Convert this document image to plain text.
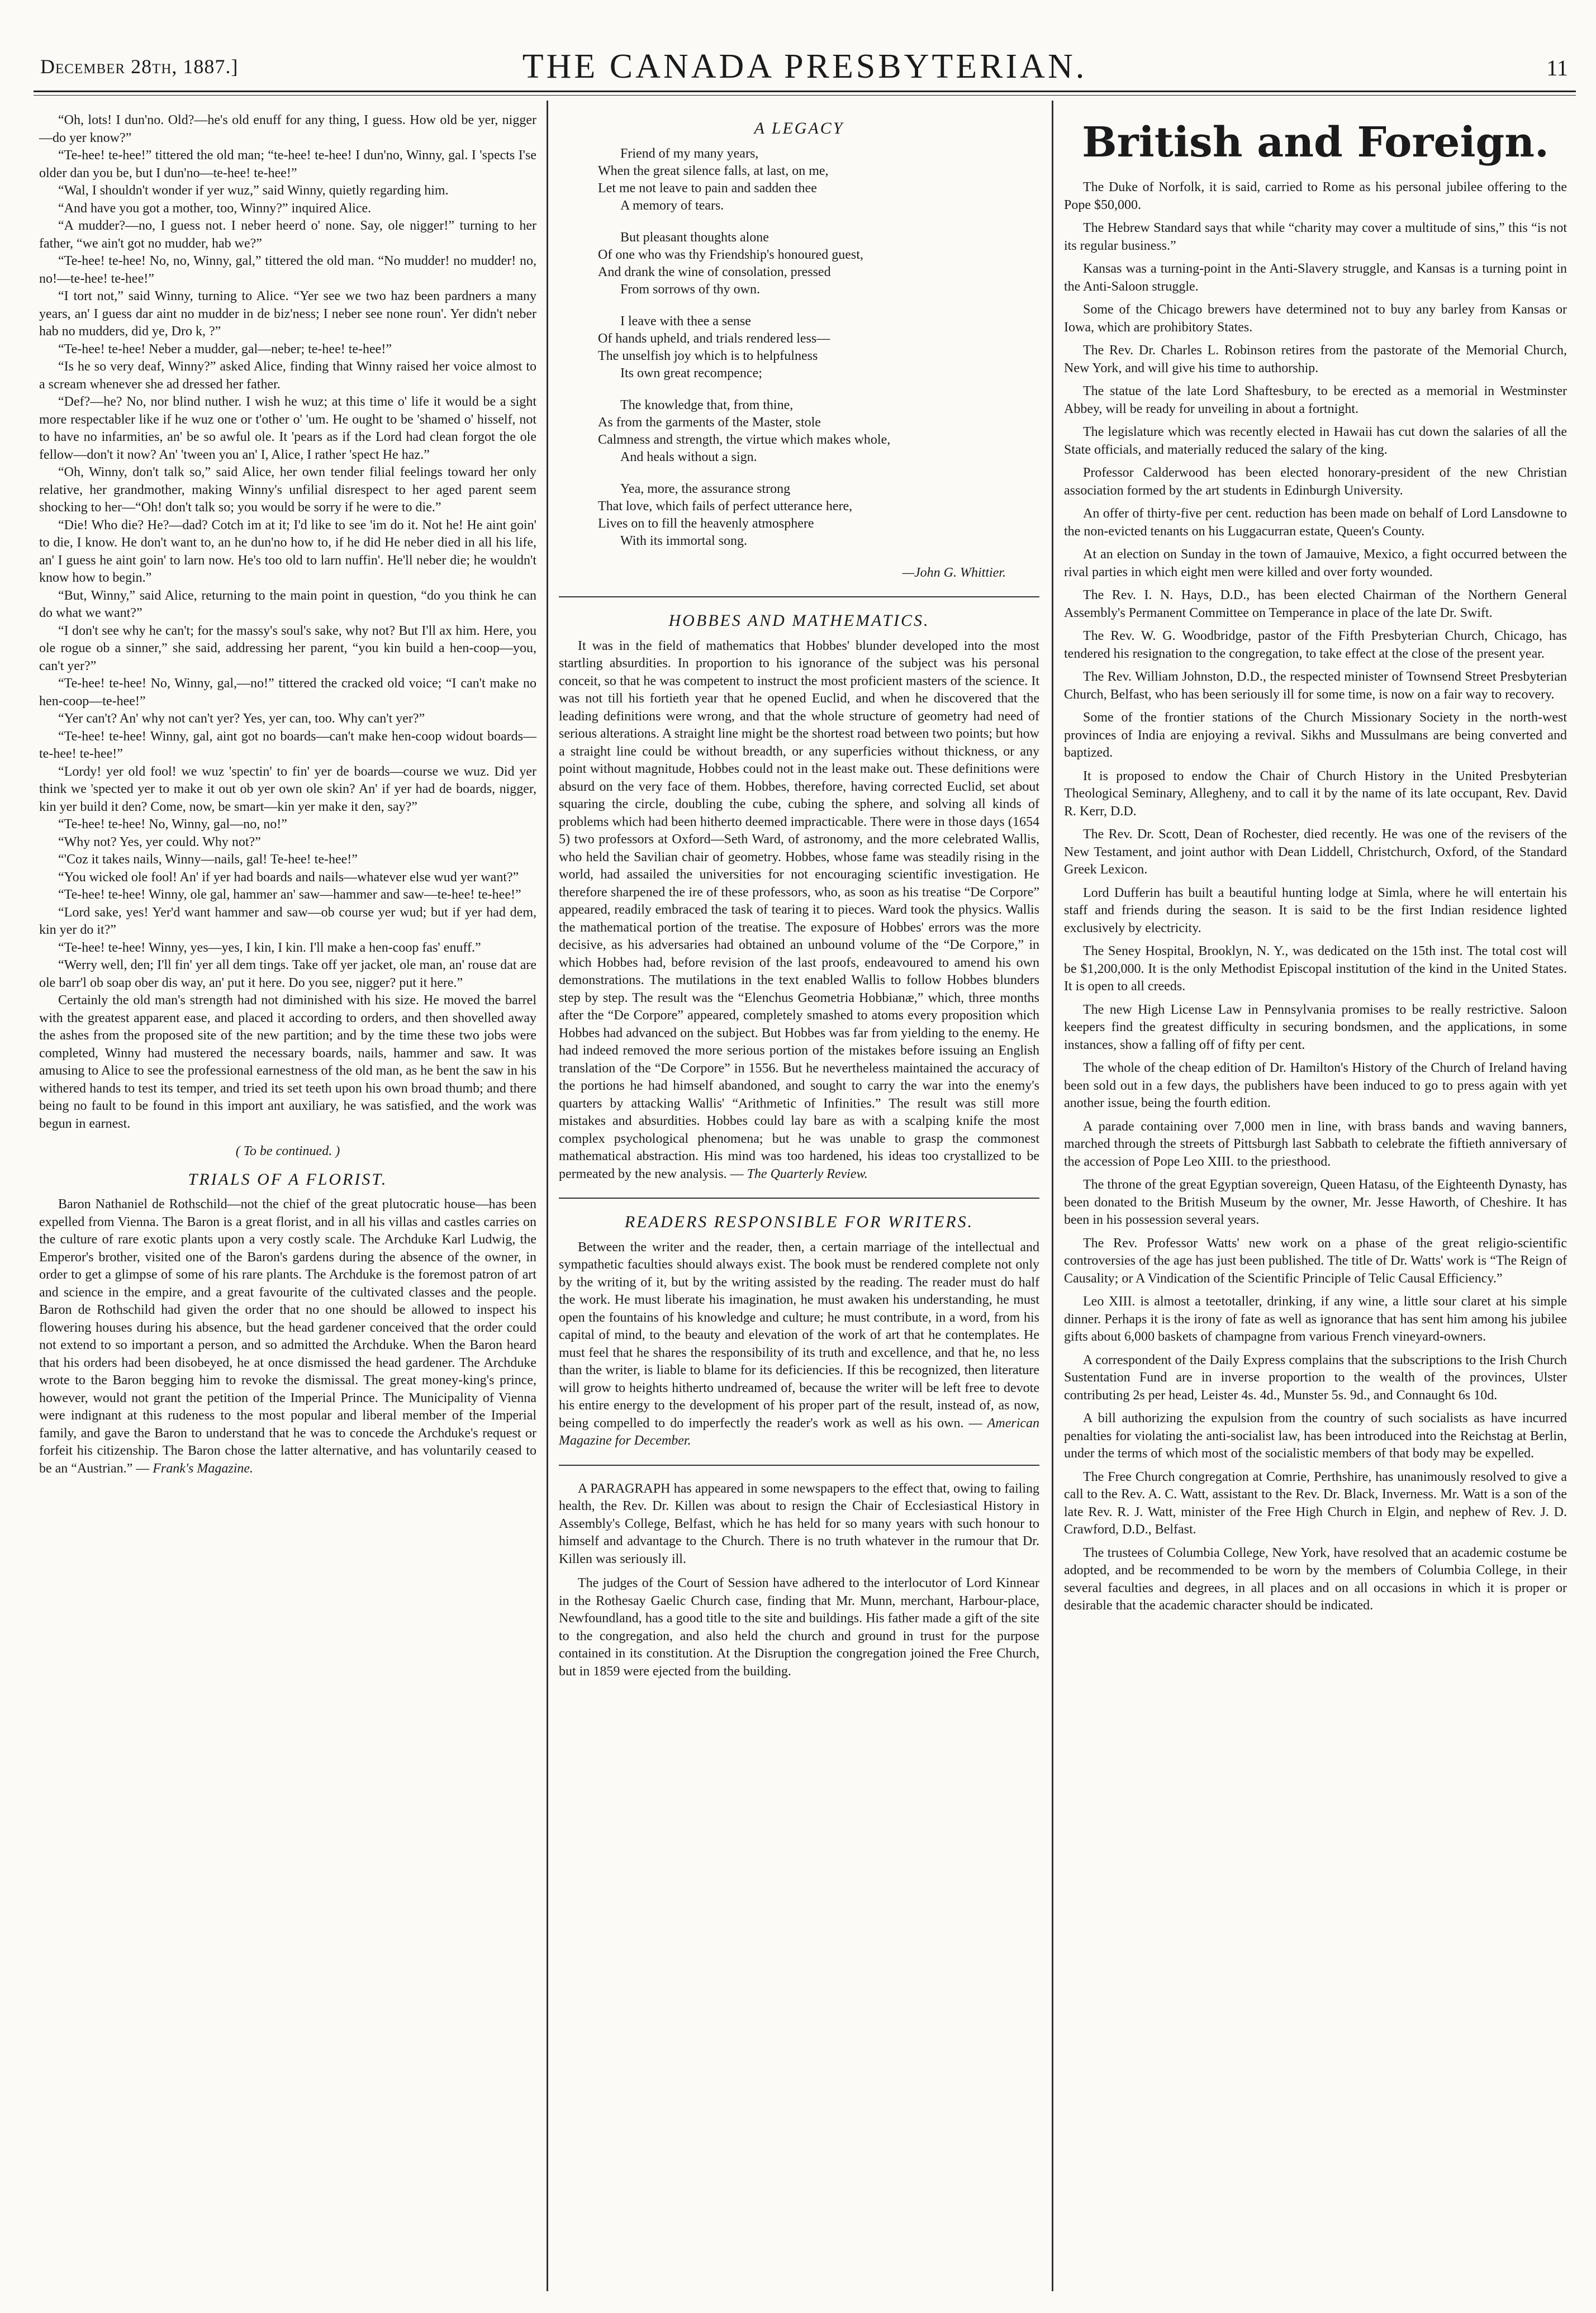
December 28th, 1887.]	THE CANADA PRESBYTERIAN.	11

“Oh, lots! I dun'no. Old?—he's old enuff for any thing, I guess. How old be yer, nigger—do yer know?”

“Te-hee! te-hee!” tittered the old man; “te-hee! te-hee! I dun'no, Winny, gal. I 'spects I'se older dan you be, but I dun'no—te-hee! te-hee!”

“Wal, I shouldn't wonder if yer wuz,” said Winny, quietly regarding him.

“And have you got a mother, too, Winny?” inquired Alice.

“A mudder?—no, I guess not. I neber heerd o' none. Say, ole nigger!” turning to her father, “we ain't got no mudder, hab we?”

“Te-hee! te-hee! No, no, Winny, gal,” tittered the old man. “No mudder! no mudder! no, no!—te-hee! te-hee!”

“I tort not,” said Winny, turning to Alice. “Yer see we two haz been pardners a many years, an' I guess dar aint no mudder in de biz'ness; I neber see none roun'. Yer didn't neber hab no mudders, did ye, Dro k, ?”

“Te-hee! te-hee! Neber a mudder, gal—neber; te-hee! te-hee!”

“Is he so very deaf, Winny?” asked Alice, finding that Winny raised her voice almost to a scream whenever she ad dressed her father.

“Def?—he? No, nor blind nuther. I wish he wuz; at this time o' life it would be a sight more respectabler like if he wuz one or t'other o' 'um. He ought to be 'shamed o' hisself, not to have no infarmities, an' be so awful ole. It 'pears as if the Lord had clean forgot the ole fellow—don't it now? An' 'tween you an' I, Alice, I rather 'spect He haz.”

“Oh, Winny, don't talk so,” said Alice, her own tender filial feelings toward her only relative, her grandmother, making Winny's unfilial disrespect to her aged parent seem shocking to her—“Oh! don't talk so; you would be sorry if he were to die.”

“Die! Who die? He?—dad? Cotch im at it; I'd like to see 'im do it. Not he! He aint goin' to die, I know. He don't want to, an he dun'no how to, if he did He neber died in all his life, an' I guess he aint goin' to larn now. He's too old to larn nuffin'. He'll neber die; he wouldn't know how to begin.”

“But, Winny,” said Alice, returning to the main point in question, “do you think he can do what we want?”

“I don't see why he can't; for the massy's soul's sake, why not? But I'll ax him. Here, you ole rogue ob a sinner,” she said, addressing her parent, “you kin build a hen-coop—you, can't yer?”

“Te-hee! te-hee! No, Winny, gal,—no!” tittered the cracked old voice; “I can't make no hen-coop—te-hee!”

“Yer can't? An' why not can't yer? Yes, yer can, too. Why can't yer?”

“Te-hee! te-hee! Winny, gal, aint got no boards—can't make hen-coop widout boards—te-hee! te-hee!”

“Lordy! yer old fool! we wuz 'spectin' to fin' yer de boards—course we wuz. Did yer think we 'spected yer to make it out ob yer own ole skin? An' if yer had de boards, nigger, kin yer build it den? Come, now, be smart—kin yer make it den, say?”

“Te-hee! te-hee! No, Winny, gal—no, no!”

“Why not? Yes, yer could. Why not?”

“'Coz it takes nails, Winny—nails, gal! Te-hee! te-hee!”

“You wicked ole fool! An' if yer had boards and nails—whatever else wud yer want?”

“Te-hee! te-hee! Winny, ole gal, hammer an' saw—hammer and saw—te-hee! te-hee!”

“Lord sake, yes! Yer'd want hammer and saw—ob course yer wud; but if yer had dem, kin yer do it?”

“Te-hee! te-hee! Winny, yes—yes, I kin, I kin. I'll make a hen-coop fas' enuff.”

“Werry well, den; I'll fin' yer all dem tings. Take off yer jacket, ole man, an' rouse dat are ole barr'l ob soap ober dis way, an' put it here. Do you see, nigger? put it here.”

Certainly the old man's strength had not diminished with his size. He moved the barrel with the greatest apparent ease, and placed it according to orders, and then shovelled away the ashes from the proposed site of the new partition; and by the time these two jobs were completed, Winny had mustered the necessary boards, nails, hammer and saw. It was amusing to Alice to see the professional earnestness of the old man, as he bent the saw in his withered hands to test its temper, and tried its set teeth upon his own broad thumb; and there being no fault to be found in this import ant auxiliary, he was satisfied, and the work was begun in earnest.

( To be continued. )
TRIALS OF A FLORIST.

Baron Nathaniel de Rothschild—not the chief of the great plutocratic house—has been expelled from Vienna. The Baron is a great florist, and in all his villas and castles carries on the culture of rare exotic plants upon a very costly scale. The Archduke Karl Ludwig, the Emperor's brother, visited one of the Baron's gardens during the absence of the owner, in order to get a glimpse of some of his rare plants. The Archduke is the foremost patron of art and science in the empire, and a great favourite of the cultivated classes and the people. Baron de Rothschild had given the order that no one should be allowed to inspect his flowering houses during his absence, but the head gardener conceived that the order could not extend to so important a person, and so admitted the Archduke. When the Baron heard that his orders had been disobeyed, he at once dismissed the head gardener. The Archduke wrote to the Baron begging him to revoke the dismissal. The great money-king's prince, however, would not grant the petition of the Imperial Prince. The Municipality of Vienna were indignant at this rudeness to the most popular and liberal member of the Imperial family, and gave the Baron to understand that he was to concede the Archduke's request or forfeit his citizenship. The Baron chose the latter alternative, and has voluntarily ceased to be an “Austrian.” — Frank's Magazine.

A LEGACY
Friend of my many years,
When the great silence falls, at last, on me,
Let me not leave to pain and sadden thee
A memory of tears.
But pleasant thoughts alone
Of one who was thy Friendship's honoured guest,
And drank the wine of consolation, pressed
From sorrows of thy own.
I leave with thee a sense
Of hands upheld, and trials rendered less—
The unselfish joy which is to helpfulness
Its own great recompence;
The knowledge that, from thine,
As from the garments of the Master, stole
Calmness and strength, the virtue which makes whole,
And heals without a sign.
Yea, more, the assurance strong
That love, which fails of perfect utterance here,
Lives on to fill the heavenly atmosphere
With its immortal song.
—John G. Whittier.
HOBBES AND MATHEMATICS.

It was in the field of mathematics that Hobbes' blunder developed into the most startling absurdities. In proportion to his ignorance of the subject was his personal conceit, so that he was competent to instruct the most proficient masters of the science. It was not till his fortieth year that he opened Euclid, and when he discovered that the leading definitions were wrong, and that the whole structure of geometry had need of serious alterations. A straight line might be the shortest road between two points; but how a straight line could be without breadth, or any superficies without thickness, or any point without magnitude, Hobbes could not in the least make out. These definitions were absurd on the very face of them. Hobbes, therefore, having corrected Euclid, set about squaring the circle, doubling the cube, cubing the sphere, and solving all kinds of problems which had been hitherto deemed impracticable. There were in those days (1654 5) two professors at Oxford—Seth Ward, of astronomy, and the more celebrated Wallis, who held the Savilian chair of geometry. Hobbes, whose fame was steadily rising in the world, had assailed the universities for not encouraging scientific investigation. He therefore sharpened the ire of these professors, who, as soon as his treatise “De Corpore” appeared, readily embraced the task of tearing it to pieces. Ward took the physics. Wallis the mathematical portion of the treatise. The exposure of Hobbes' errors was the more decisive, as his adversaries had obtained an unbound volume of the “De Corpore,” in which Hobbes had, before revision of the last proofs, endeavoured to amend his own demonstrations. The mutilations in the text enabled Wallis to follow Hobbes blunders step by step. The result was the “Elenchus Geometria Hobbianæ,” which, three months after the “De Corpore” appeared, completely smashed to atoms every proposition which Hobbes had advanced on the subject. But Hobbes was far from yielding to the enemy. He had indeed removed the more serious portion of the mistakes before issuing an English translation of the “De Corpore” in 1556. But he nevertheless maintained the accuracy of the portions he had himself abandoned, and sought to carry the war into the enemy's quarters by attacking Wallis' “Arithmetic of Infinities.” The result was still more mistakes and absurdities. Hobbes could lay bare as with a scalping knife the most complex psychological phenomena; but he was unable to grasp the commonest mathematical abstraction. His mind was too hardened, his ideas too crystallized to be permeated by the new analysis. — The Quarterly Review.

READERS RESPONSIBLE FOR WRITERS.

Between the writer and the reader, then, a certain marriage of the intellectual and sympathetic faculties should always exist. The book must be rendered complete not only by the writing of it, but by the writing assisted by the reading. The reader must do half the work. He must liberate his imagination, he must awaken his understanding, he must open the fountains of his knowledge and culture; he must contribute, in a word, from his capital of mind, to the beauty and elevation of the work of art that he contemplates. He must feel that he shares the responsibility of its truth and excellence, and that he, no less than the writer, is liable to blame for its deficiencies. If this be recognized, then literature will grow to heights hitherto undreamed of, because the writer will be left free to devote his entire energy to the development of his proper part of the result, instead of, as now, being compelled to do imperfectly the reader's work as well as his own. — American Magazine for December.

A PARAGRAPH has appeared in some newspapers to the effect that, owing to failing health, the Rev. Dr. Killen was about to resign the Chair of Ecclesiastical History in Assembly's College, Belfast, which he has held for so many years with such honour to himself and advantage to the Church. There is no truth whatever in the rumour that Dr. Killen was seriously ill.

The judges of the Court of Session have adhered to the interlocutor of Lord Kinnear in the Rothesay Gaelic Church case, finding that Mr. Munn, merchant, Harbour-place, Newfoundland, has a good title to the site and buildings. His father made a gift of the site to the congregation, and also held the church and ground in trust for the purpose contained in its constitution. At the Disruption the congregation joined the Free Church, but in 1859 were ejected from the building.

British and Foreign.

The Duke of Norfolk, it is said, carried to Rome as his personal jubilee offering to the Pope $50,000.

The Hebrew Standard says that while “charity may cover a multitude of sins,” this “is not its regular business.”

Kansas was a turning-point in the Anti-Slavery struggle, and Kansas is a turning point in the Anti-Saloon struggle.

Some of the Chicago brewers have determined not to buy any barley from Kansas or Iowa, which are prohibitory States.

The Rev. Dr. Charles L. Robinson retires from the pastorate of the Memorial Church, New York, and will give his time to authorship.

The statue of the late Lord Shaftesbury, to be erected as a memorial in Westminster Abbey, will be ready for unveiling in about a fortnight.

The legislature which was recently elected in Hawaii has cut down the salaries of all the State officials, and materially reduced the salary of the king.

Professor Calderwood has been elected honorary-president of the new Christian association formed by the art students in Edinburgh University.

An offer of thirty-five per cent. reduction has been made on behalf of Lord Lansdowne to the non-evicted tenants on his Luggacurran estate, Queen's County.

At an election on Sunday in the town of Jamauive, Mexico, a fight occurred between the rival parties in which eight men were killed and over forty wounded.

The Rev. I. N. Hays, D.D., has been elected Chairman of the Northern General Assembly's Permanent Committee on Temperance in place of the late Dr. Swift.

The Rev. W. G. Woodbridge, pastor of the Fifth Presbyterian Church, Chicago, has tendered his resignation to the congregation, to take effect at the close of the present year.

The Rev. William Johnston, D.D., the respected minister of Townsend Street Presbyterian Church, Belfast, who has been seriously ill for some time, is now on a fair way to recovery.

Some of the frontier stations of the Church Missionary Society in the north-west provinces of India are enjoying a revival. Sikhs and Mussulmans are being converted and baptized.

It is proposed to endow the Chair of Church History in the United Presbyterian Theological Seminary, Allegheny, and to call it by the name of its late occupant, Rev. David R. Kerr, D.D.

The Rev. Dr. Scott, Dean of Rochester, died recently. He was one of the revisers of the New Testament, and joint author with Dean Liddell, Christchurch, Oxford, of the Standard Greek Lexicon.

Lord Dufferin has built a beautiful hunting lodge at Simla, where he will entertain his staff and friends during the season. It is said to be the first Indian residence lighted exclusively by electricity.

The Seney Hospital, Brooklyn, N. Y., was dedicated on the 15th inst. The total cost will be $1,200,000. It is the only Methodist Episcopal institution of the kind in the United States. It is open to all creeds.

The new High License Law in Pennsylvania promises to be really restrictive. Saloon keepers find the greatest difficulty in securing bondsmen, and the applications, in some instances, show a falling off of fifty per cent.

The whole of the cheap edition of Dr. Hamilton's History of the Church of Ireland having been sold out in a few days, the publishers have been induced to go to press again with yet another issue, being the fourth edition.

A parade containing over 7,000 men in line, with brass bands and waving banners, marched through the streets of Pittsburgh last Sabbath to celebrate the fiftieth anniversary of the accession of Pope Leo XIII. to the priesthood.

The throne of the great Egyptian sovereign, Queen Hatasu, of the Eighteenth Dynasty, has been donated to the British Museum by the owner, Mr. Jesse Haworth, of Cheshire. It has been in his possession several years.

The Rev. Professor Watts' new work on a phase of the great religio-scientific controversies of the age has just been published. The title of Dr. Watts' work is “The Reign of Causality; or A Vindication of the Scientific Principle of Telic Causal Efficiency.”

Leo XIII. is almost a teetotaller, drinking, if any wine, a little sour claret at his simple dinner. Perhaps it is the irony of fate as well as ignorance that has sent him among his jubilee gifts about 6,000 baskets of champagne from various French vineyard-owners.

A correspondent of the Daily Express complains that the subscriptions to the Irish Church Sustentation Fund are in inverse proportion to the wealth of the provinces, Ulster contributing 2s per head, Leister 4s. 4d., Munster 5s. 9d., and Connaught 6s 10d.

A bill authorizing the expulsion from the country of such socialists as have incurred penalties for violating the anti-socialist law, has been introduced into the Reichstag at Berlin, under the terms of which most of the socialistic members of that body may be expelled.

The Free Church congregation at Comrie, Perthshire, has unanimously resolved to give a call to the Rev. A. C. Watt, assistant to the Rev. Dr. Black, Inverness. Mr. Watt is a son of the late Rev. R. J. Watt, minister of the Free High Church in Elgin, and nephew of Rev. J. D. Crawford, D.D., Belfast.

The trustees of Columbia College, New York, have resolved that an academic costume be adopted, and be recommended to be worn by the members of Columbia College, in their several faculties and degrees, in all places and on all occasions in which it is proper or desirable that the academic character should be indicated.
